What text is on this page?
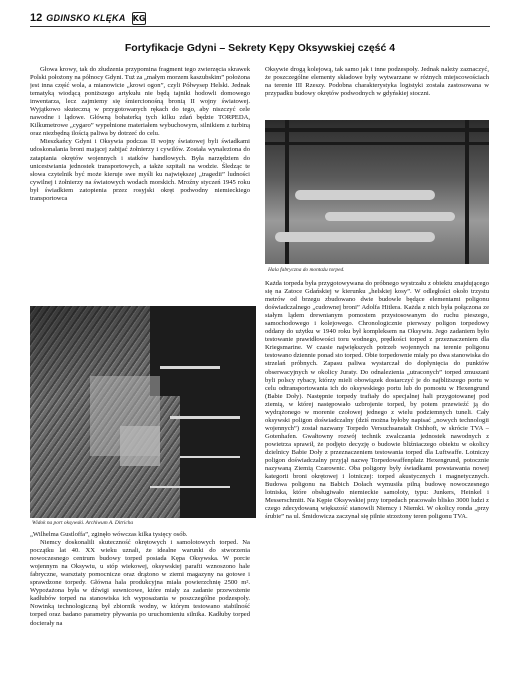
12 GDINSKO KLĘKA KG
Fortyfikacje Gdyni – Sekrety Kępy Oksywskiej część 4

Głowa krowy, tak do złudzenia przypomina fragment tego zwierzęcia skrawek Polski położony na północy Gdyni. Tuż za „małym morzem kaszubskim” położona jest inna część wola, a mianowicie „krowi ogon”, czyli Półwysep Helski. Jednak tematyką wiodącą poniższego artykułu nie będą tajniki hodowli domowego inwentarza, lecz zajmiemy się śmiercionośną bronią II wojny światowej. Wyjątkowo skuteczną w przygotowanych rękach do tego, aby niszczyć cele nawodne i lądowe. Główną bohaterką tych kilku zdań będzie TORPEDA, Kilkumetrowe „cygaro” wypełnione materiałem wybuchowym, silnikiem z turbiną oraz niezbędną ilością paliwa by dotrzeć do celu.

Mieszkańcy Gdyni i Oksywia podczas II wojny światowej byli świadkami udoskonalania broni mającej zabijać żołnierzy i cywilów. Została wynaleziona do zatapiania okrętów wojennych i statków handlowych. Była narzędziem do unicestwiania jednostek transportowych, a także szpitali na wodzie. Śledząc te słowa czytelnik być może kieruje swe myśli ku największej „tragedii” ludności cywilnej i żołnierzy na światowych wodach morskich. Mroźny styczeń 1945 roku był świadkiem zatopienia przez rosyjski okręt podwodny niemieckiego transportowca

Widok na port oksywski. Archiwum A. Ditricha

„Wilhelma Gustloffa”, zginęło wówczas kilka tysięcy osób.

Niemcy doskonalili skuteczność okrętowych i samolotowych torped. Na początku lat 40. XX wieku uznali, że idealne warunki do stworzenia nowoczesnego centrum budowy torped posiada Kępa Oksywska. W porcie wojennym na Oksywiu, u stóp wiekowej, oksywskiej parafii wznoszono hale fabryczne, warsztaty pomocnicze oraz drążono w ziemi magazyny na gotowe i sprawdzone torpedy. Główna hala produkcyjna miała powierzchnię 2500 m². Wypożażona była w dźwigi suwnicowe, które miały za zadanie przewożenie kadłubów torped na stanowiska ich wyposażania w poszczególne podzespoły. Nowinką technologiczną był zbiornik wodny, w którym testowano stabilność torped oraz badano parametry pływania po uruchomieniu silnika. Kadłuby torped docierały na

Oksywie drogą kolejową, tak samo jak i inne podzespoły. Jednak należy zaznaczyć, że poszczególne elementy składowe były wytwarzane w różnych miejscowościach na terenie III Rzeszy. Podobna charakterystyka logistyki została zastosowana w przypadku budowy okrętów podwodnych w gdyńskiej stoczni.

Hala fabryczna do montażu torped.

Każda torpeda była przygotowywana do próbnego wystrzału z obiektu znajdującego się na Zatoce Gdańskiej w kierunku „helskiej kosy”. W odległości około trzystu metrów od brzegu zbudowano dwie budowle będące elementami poligonu doświadczalnego „cudownej broni” Adolfa Hitlera. Każda z nich była połączona ze stałym lądem drewnianym pomostem przystosowanym do ruchu pieszego, samochodowego i kolejowego. Chronologicznie pierwszy poligon torpedowy oddany do użytku w 1940 roku był kompleksem na Oksywiu. Jego zadaniem było testowanie prawidłowości toru wodnego, prędkości torped z przeznaczeniem dla Kriegsmarine. W czasie największych potrzeb wojennych na terenie poligonu testowano dziennie ponad sto torped. Obie torpedownie miały po dwa stanowiska do strzelań próbnych. Zapasu paliwa wystarczał do dopłynięcia do punktów obserwacyjnych w okolicy Juraty. Do odnalezienia „utraconych” torped zmuszani byli polscy rybacy, którzy mieli obowiązek dostarczyć je do najbliższego portu w celu odtransportowania ich do oksywskiego portu lub do pomostu w Hexengrund (Babie Doły). Następnie torpedy trafiały do specjalnej hali przygotowanej pod ziemią, w której następowało uzbrojenie torped, by potem przewieźć ją do wydrążonego w morenie czołowej jednego z wielu podziemnych tuneli. Cały oksywski poligon doświadczalny (dziś można byłoby napisać „nowych technologii wojennych”) został nazwany Torpedo Versuchsanstalt Oxhhoft, w skrócie TVA – Gotenhafen. Gwałtowny rozwój technik zwalczania jednostek nawodnych z powietrza sprawił, że podjęto decyzję o budowie bliźniaczego obiektu w okolicy dzielnicy Babie Doły z przeznaczeniem testowania torped dla Luftwaffe. Lotniczy poligon doświadczalny przyjął nazwę Torpedowaffenplatz Hexengrund, potocznie nazywaną Ziemią Czarownic. Oba poligony były świadkami powstawania nowej kategorii broni okrętowej i lotniczej: torped akustycznych i magnetycznych. Budowa poligonu na Babich Dołach wymusiła pilną budowę nowoczesnego lotniska, które obsługiwało niemieckie samoloty, typu: Junkers, Heinkel i Messerschmitt. Na Kępie Oksywskiej przy torpedach pracowało blisko 3000 ludzi z czego zdecydowaną większość stanowili Niemcy i Niemki. W okolicy ronda „przy śrubie” na ul. Śmidowicza zaczynał się pilnie strzeżony teren poligonu TVA.
